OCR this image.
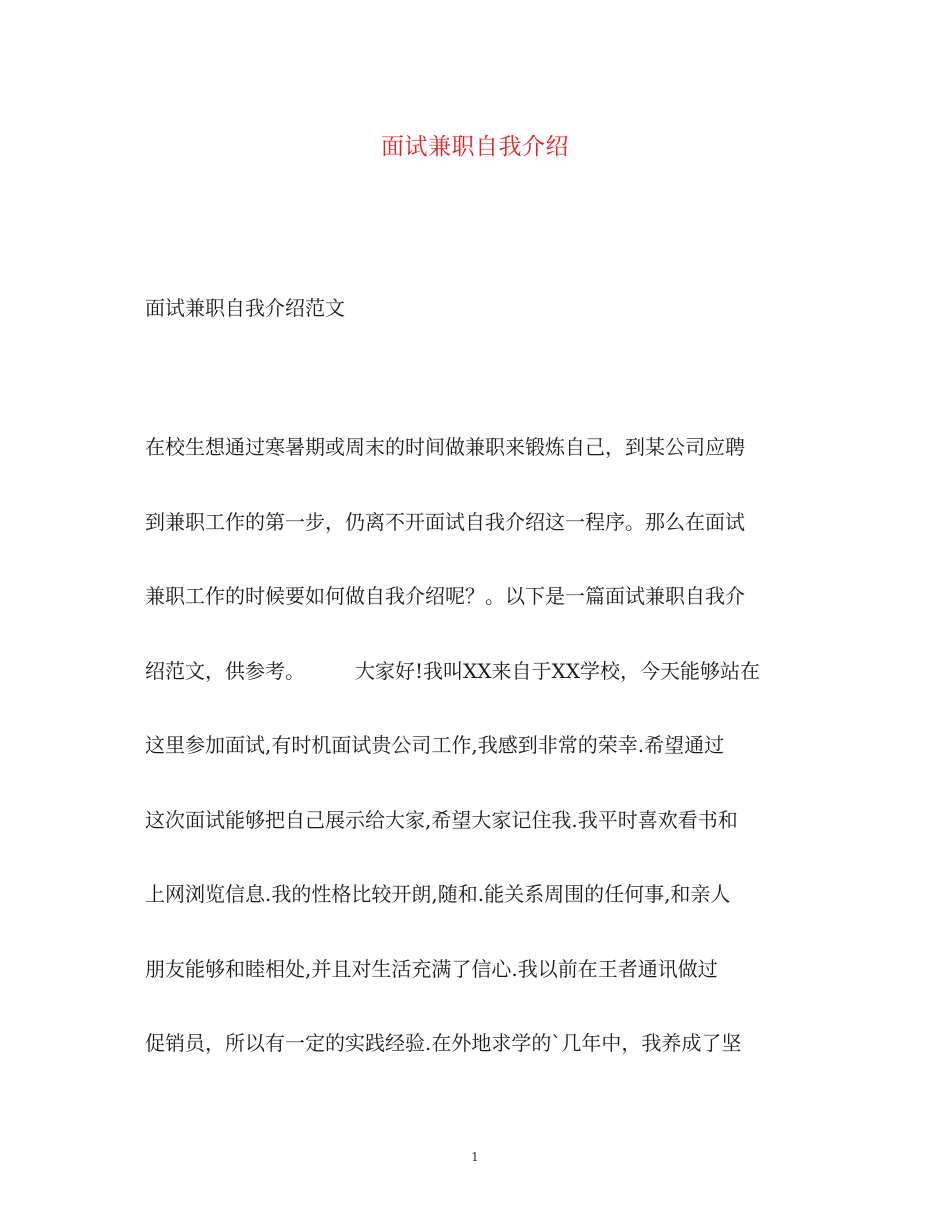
面试兼职自我介绍
面试兼职自我介绍范文
在校生想通过寒暑期或周末的时间做兼职来锻炼自己，到某公司应聘
到兼职工作的第一步，仍离不开面试自我介绍这一程序。那么在面试
兼职工作的时候要如何做自我介绍呢？。以下是一篇面试兼职自我介
绍范文，供参考。　　　大家好!我叫XX来自于XX学校，今天能够站在
这里参加面试,有时机面试贵公司工作,我感到非常的荣幸.希望通过
这次面试能够把自己展示给大家,希望大家记住我.我平时喜欢看书和
上网浏览信息.我的性格比较开朗,随和.能关系周围的任何事,和亲人
朋友能够和睦相处,并且对生活充满了信心.我以前在王者通讯做过
促销员，所以有一定的实践经验.在外地求学的`几年中，我养成了坚
1
